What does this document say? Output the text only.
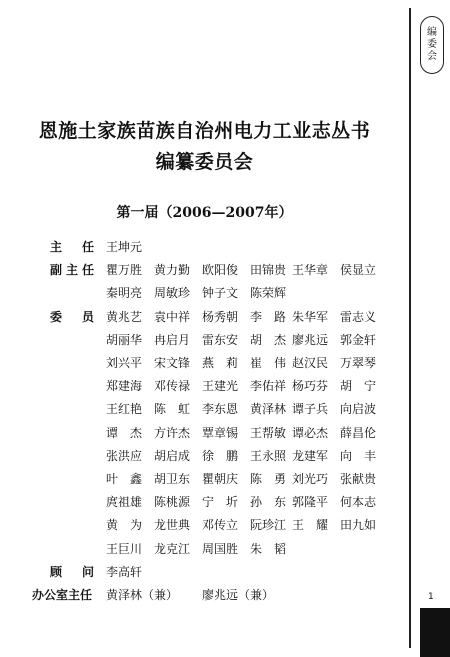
编
委
会
1
恩施土家族苗族自治州电力工业志丛书
编纂委员会
第一届（2006—2007年）
主 任 王坤元
副 主 任 瞿万胜 黄力勤 欧阳俊 田锦贵 王华章 侯显立
秦明亮 周敏珍 钟子文 陈荣辉
委 员 黄兆艺 袁中祥 杨秀朝 李　路 朱华军 雷志义
胡丽华 冉启月 雷东安 胡　杰 廖兆远 郭金轩
刘兴平 宋文锋 燕　莉 崔　伟 赵汉民 万翠琴
郑建海 邓传禄 王建光 李佑祥 杨巧芬 胡　宁
王红艳 陈　虹 李东恩 黄泽林 谭子兵 向启波
谭　杰 方许杰 覃章锡 王帮敏 谭必杰 薛昌伦
张洪应 胡启成 徐　鹏 王永照 龙建军 向　丰
叶　鑫 胡卫东 瞿朝庆 陈　勇 刘光巧 张献贵
庹祖雄 陈桃源 宁　圻 孙　东 郭隆平 何本志
黄　为 龙世典 邓传立 阮珍江 王　耀 田九如
王巨川 龙克江 周国胜 朱　韬
顾 问 李高轩
办公室主任 黄泽林（兼） 廖兆远（兼）
